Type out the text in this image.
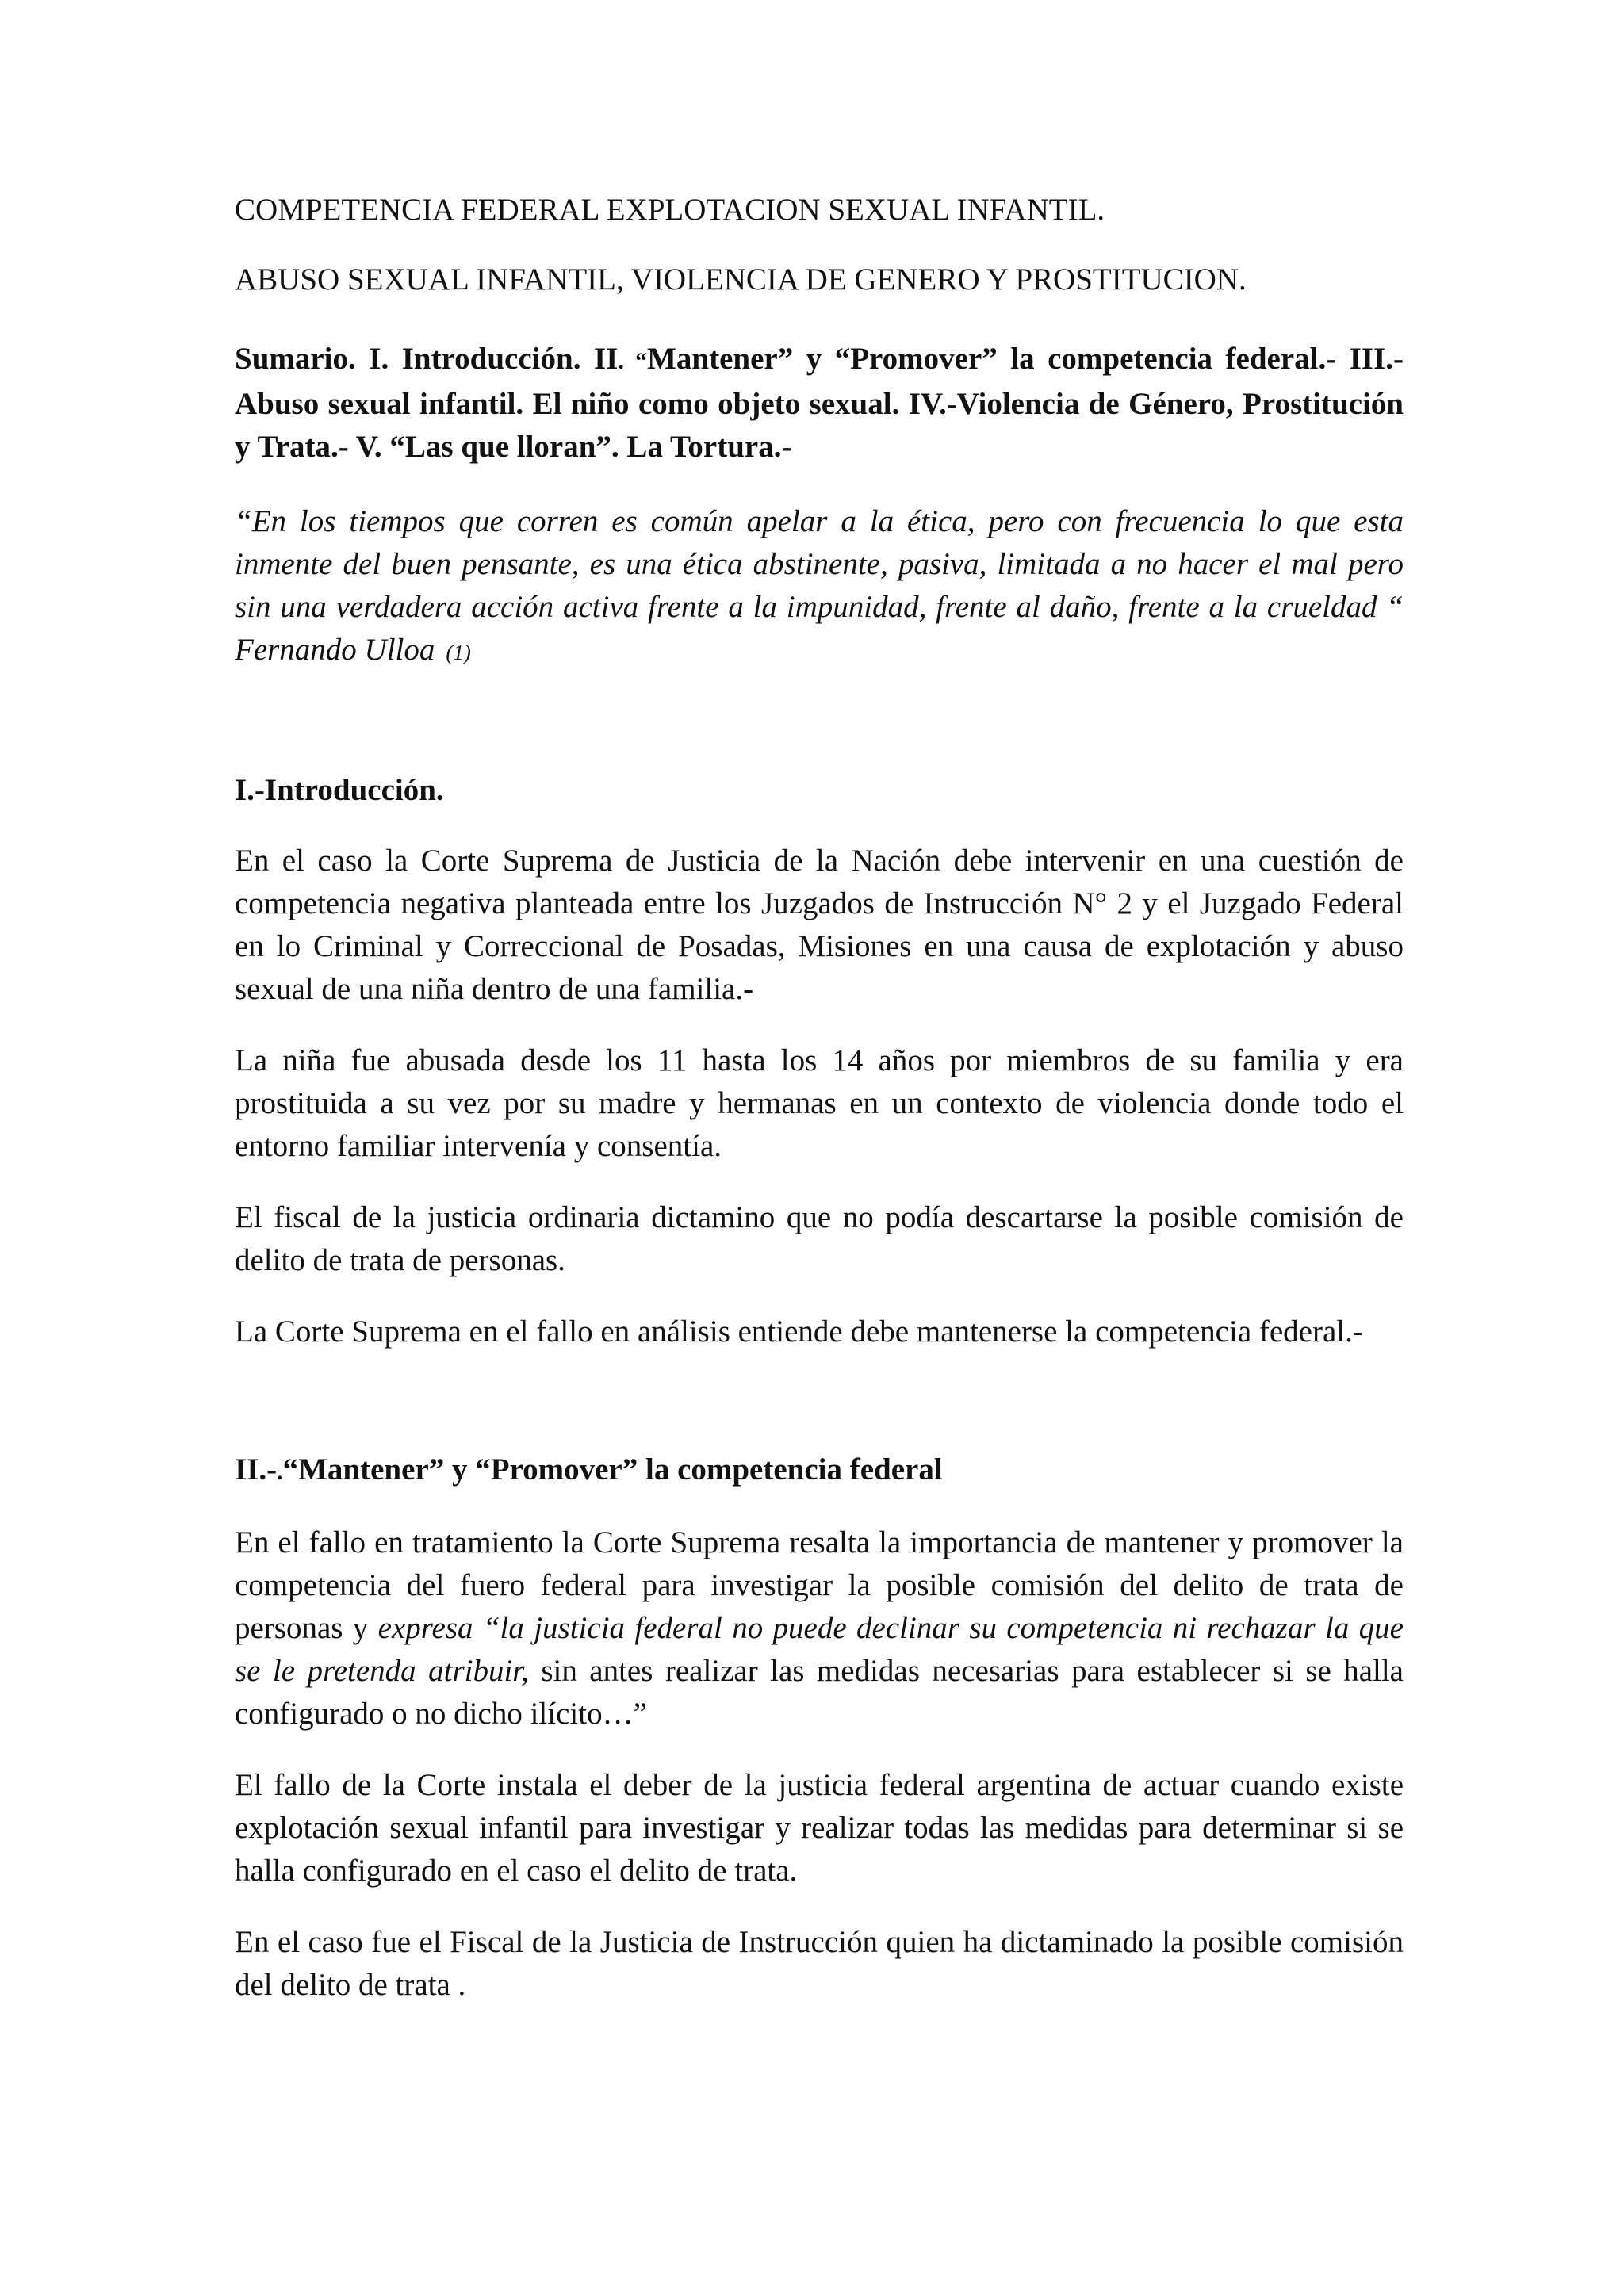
COMPETENCIA FEDERAL EXPLOTACION SEXUAL INFANTIL.

ABUSO SEXUAL INFANTIL, VIOLENCIA DE GENERO Y PROSTITUCION.

Sumario. I. Introducción. II. “Mantener” y “Promover” la competencia federal.- III.- Abuso sexual infantil. El niño como objeto sexual. IV.-Violencia de Género, Prostitución y Trata.- V. “Las que lloran”. La Tortura.-

“En los tiempos que corren es común apelar a la ética, pero con frecuencia lo que esta inmente del buen pensante, es una ética abstinente, pasiva, limitada a no hacer el mal pero sin una verdadera acción activa frente a la impunidad, frente al daño, frente a la crueldad “ Fernando Ulloa (1)

I.-Introducción.

En el caso la Corte Suprema de Justicia de la Nación debe intervenir en una cuestión de competencia negativa planteada entre los Juzgados de Instrucción N° 2 y el Juzgado Federal en lo Criminal y Correccional de Posadas, Misiones en una causa de explotación y abuso sexual de una niña dentro de una familia.-

La niña fue abusada desde los 11 hasta los 14 años por miembros de su familia y era prostituida a su vez por su madre y hermanas en un contexto de violencia donde todo el entorno familiar intervenía y consentía.

El fiscal de la justicia ordinaria dictamino que no podía descartarse la posible comisión de delito de trata de personas.

La Corte Suprema en el fallo en análisis entiende debe mantenerse la competencia federal.-

II.-.“Mantener” y “Promover” la competencia federal

En el fallo en tratamiento la Corte Suprema resalta la importancia de mantener y promover la competencia del fuero federal para investigar la posible comisión del delito de trata de personas y expresa “la justicia federal no puede declinar su competencia ni rechazar la que se le pretenda atribuir, sin antes realizar las medidas necesarias para establecer si se halla configurado o no dicho ilícito…”

El fallo de la Corte instala el deber de la justicia federal argentina de actuar cuando existe explotación sexual infantil para investigar y realizar todas las medidas para determinar si se halla configurado en el caso el delito de trata.

En el caso fue el Fiscal de la Justicia de Instrucción quien ha dictaminado la posible comisión del delito de trata .
